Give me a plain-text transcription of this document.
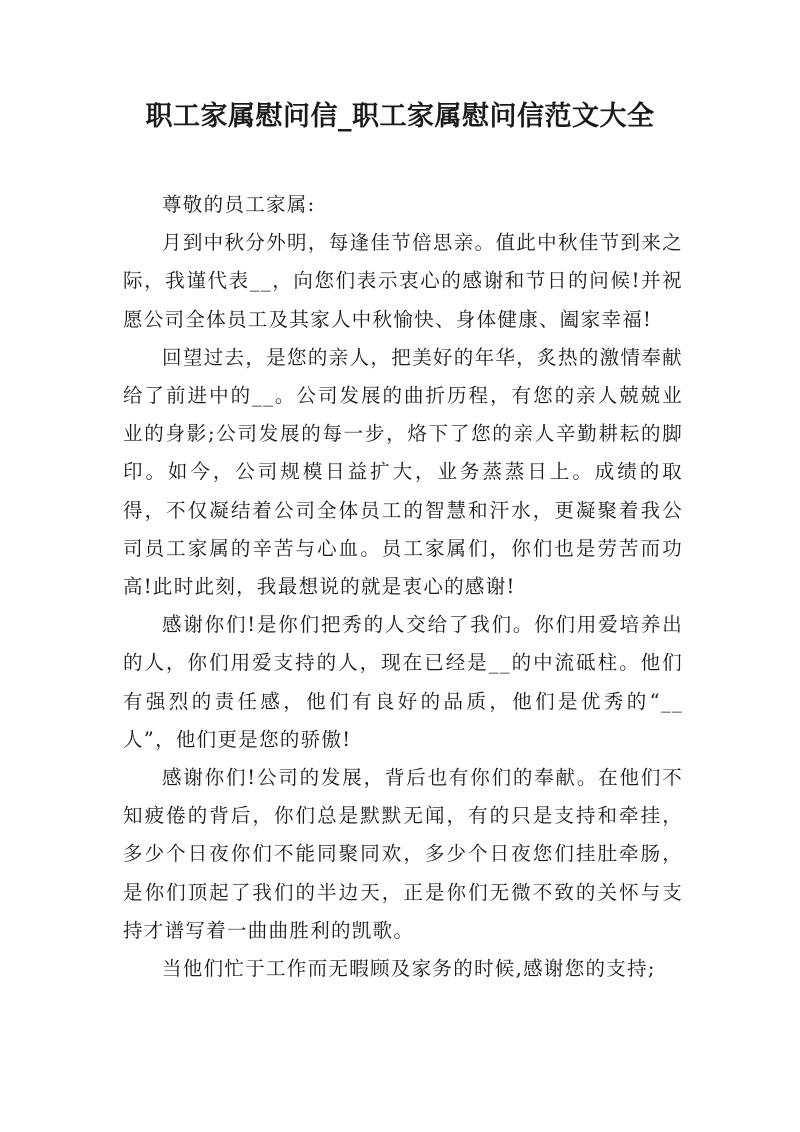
职工家属慰问信_职工家属慰问信范文大全

尊敬的员工家属:

月到中秋分外明，每逢佳节倍思亲。值此中秋佳节到来之际，我谨代表__，向您们表示衷心的感谢和节日的问候!并祝愿公司全体员工及其家人中秋愉快、身体健康、阖家幸福!

回望过去，是您的亲人，把美好的年华，炙热的激情奉献给了前进中的__。公司发展的曲折历程，有您的亲人兢兢业业的身影;公司发展的每一步，烙下了您的亲人辛勤耕耘的脚印。如今，公司规模日益扩大，业务蒸蒸日上。成绩的取得，不仅凝结着公司全体员工的智慧和汗水，更凝聚着我公司员工家属的辛苦与心血。员工家属们，你们也是劳苦而功高!此时此刻，我最想说的就是衷心的感谢!

感谢你们!是你们把秀的人交给了我们。你们用爱培养出的人，你们用爱支持的人，现在已经是__的中流砥柱。他们有强烈的责任感，他们有良好的品质，他们是优秀的“__人”，他们更是您的骄傲!

感谢你们!公司的发展，背后也有你们的奉献。在他们不知疲倦的背后，你们总是默默无闻，有的只是支持和牵挂，多少个日夜你们不能同聚同欢，多少个日夜您们挂肚牵肠，是你们顶起了我们的半边天，正是你们无微不致的关怀与支持才谱写着一曲曲胜利的凯歌。

当他们忙于工作而无暇顾及家务的时候,感谢您的支持;
